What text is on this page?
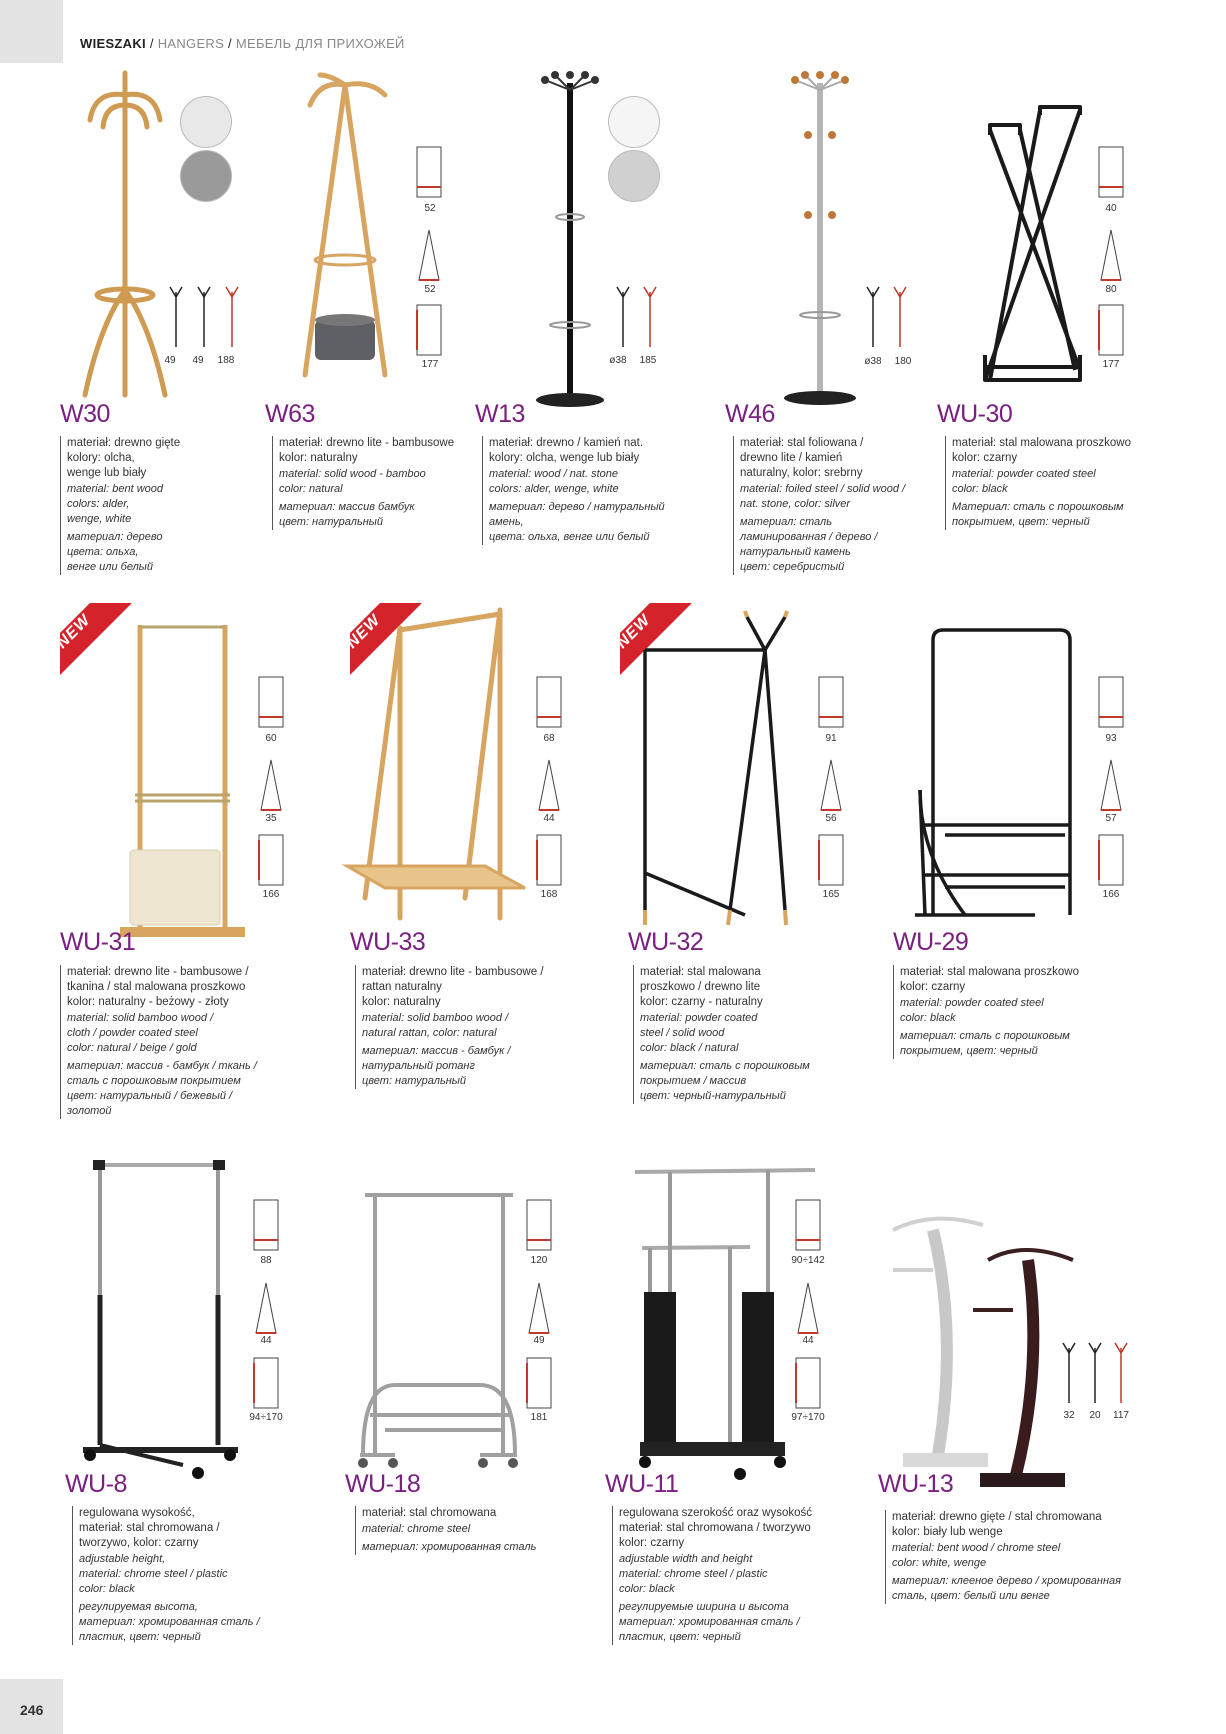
WIESZAKI / HANGERS / МЕБЕЛЬ ДЛЯ ПРИХОЖЕЙ
49	49	188
W30
materiał: drewno gięte
kolory: olcha,
wenge lub biały
material: bent wood
colors: alder,
wenge, white
материал: дерево
цвета: ольха,
венге или белый
52
52
177
W63
materiał: drewno lite - bambusowe
kolor: naturalny
material: solid wood - bamboo
color: natural
материал: массив бамбук
цвет: натуральный
ø38	185
W13
materiał: drewno / kamień nat.
kolory: olcha, wenge lub biały
material: wood / nat. stone
colors: alder, wenge, white
материал: дерево / натуральный амень,
цвета: ольха, венге или белый
ø38	180
W46
materiał: stal foliowana /
drewno lite / kamień
naturalny, kolor: srebrny
material: foiled steel / solid wood /
nat. stone, color: silver
материал: сталь
ламинированная / дерево /
натуральный камень
цвет: серебристый
40
80
177
WU-30
materiał: stal malowana proszkowo
kolor: czarny
material: powder coated steel
color: black
Материал: сталь с порошковым
покрытием, цвет: черный
NEW
60
35
166
WU-31
materiał: drewno lite - bambusowe /
tkanina / stal malowana proszkowo
kolor: naturalny - beżowy - złoty
material: solid bamboo wood /
cloth / powder coated steel
color: natural / beige / gold
материал: массив - бамбук / ткань /
сталь с порошковым покрытием
цвет: натуральный / бежевый /
золотой
NEW
68
44
168
WU-33
materiał: drewno lite - bambusowe /
rattan naturalny
kolor: naturalny
material: solid bamboo wood /
natural rattan, color: natural
материал: массив - бамбук /
натуральный ротанг
цвет: натуральный
NEW
91
56
165
WU-32
materiał: stal malowana
proszkowo / drewno lite
kolor: czarny - naturalny
material: powder coated
steel / solid wood
color: black / natural
материал: сталь с порошковым
покрытием / массив
цвет: черный-натуральный
93
57
166
WU-29
materiał: stal malowana proszkowo
kolor: czarny
material: powder coated steel
color: black
материал: сталь с порошковым
покрытием, цвет: черный
88
44
94÷170
WU-8
regulowana wysokość,
materiał: stal chromowana /
tworzywo, kolor: czarny
adjustable height,
material: chrome steel / plastic
color: black
регулируемая высота,
материал: хромированная сталь /
пластик, цвет: черный
120
49
181
WU-18
materiał: stal chromowana
material: chrome steel
материал: хромированная сталь
90÷142
44
97÷170
WU-11
regulowana szerokość oraz wysokość
materiał: stal chromowana / tworzywo
kolor: czarny
adjustable width and height
material: chrome steel / plastic
color: black
регулируемые ширина и высота
материал: хромированная сталь /
пластик, цвет: черный
32	20	117
WU-13
materiał: drewno gięte / stal chromowana
kolor: biały lub wenge
material: bent wood / chrome steel
color: white, wenge
материал: клееное дерево / хромированная
сталь, цвет: белый или венге
246
